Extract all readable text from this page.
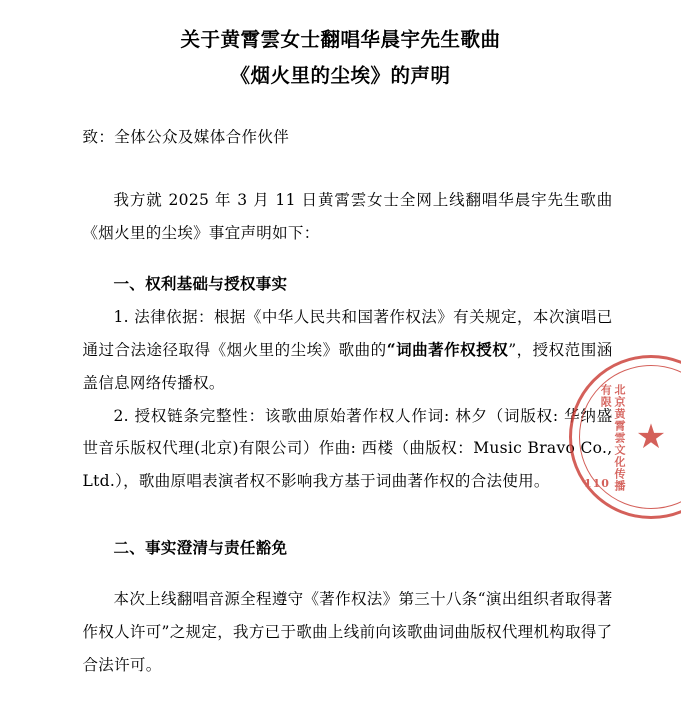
关于黄霄雲女士翻唱华晨宇先生歌曲
《烟火里的尘埃》的声明

致：全体公众及媒体合作伙伴

我方就 2025 年 3 月 11 日黄霄雲女士全网上线翻唱华晨宇先生歌曲《烟火里的尘埃》事宜声明如下：

一、权利基础与授权事实

1. 法律依据：根据《中华人民共和国著作权法》有关规定，本次演唱已通过合法途径取得《烟火里的尘埃》歌曲的“词曲著作权授权”，授权范围涵盖信息网络传播权。

2. 授权链条完整性：该歌曲原始著作权人作词: 林夕（词版权: 华纳盛世音乐版权代理(北京)有限公司）作曲: 西楼（曲版权：Music Bravo Co., Ltd.），歌曲原唱表演者权不影响我方基于词曲著作权的合法使用。

二、事实澄清与责任豁免

本次上线翻唱音源全程遵守《著作权法》第三十八条“演出组织者取得著作权人许可”之规定，我方已于歌曲上线前向该歌曲词曲版权代理机构取得了合法许可。

北京黄霄雲文化传播有限
★
110
